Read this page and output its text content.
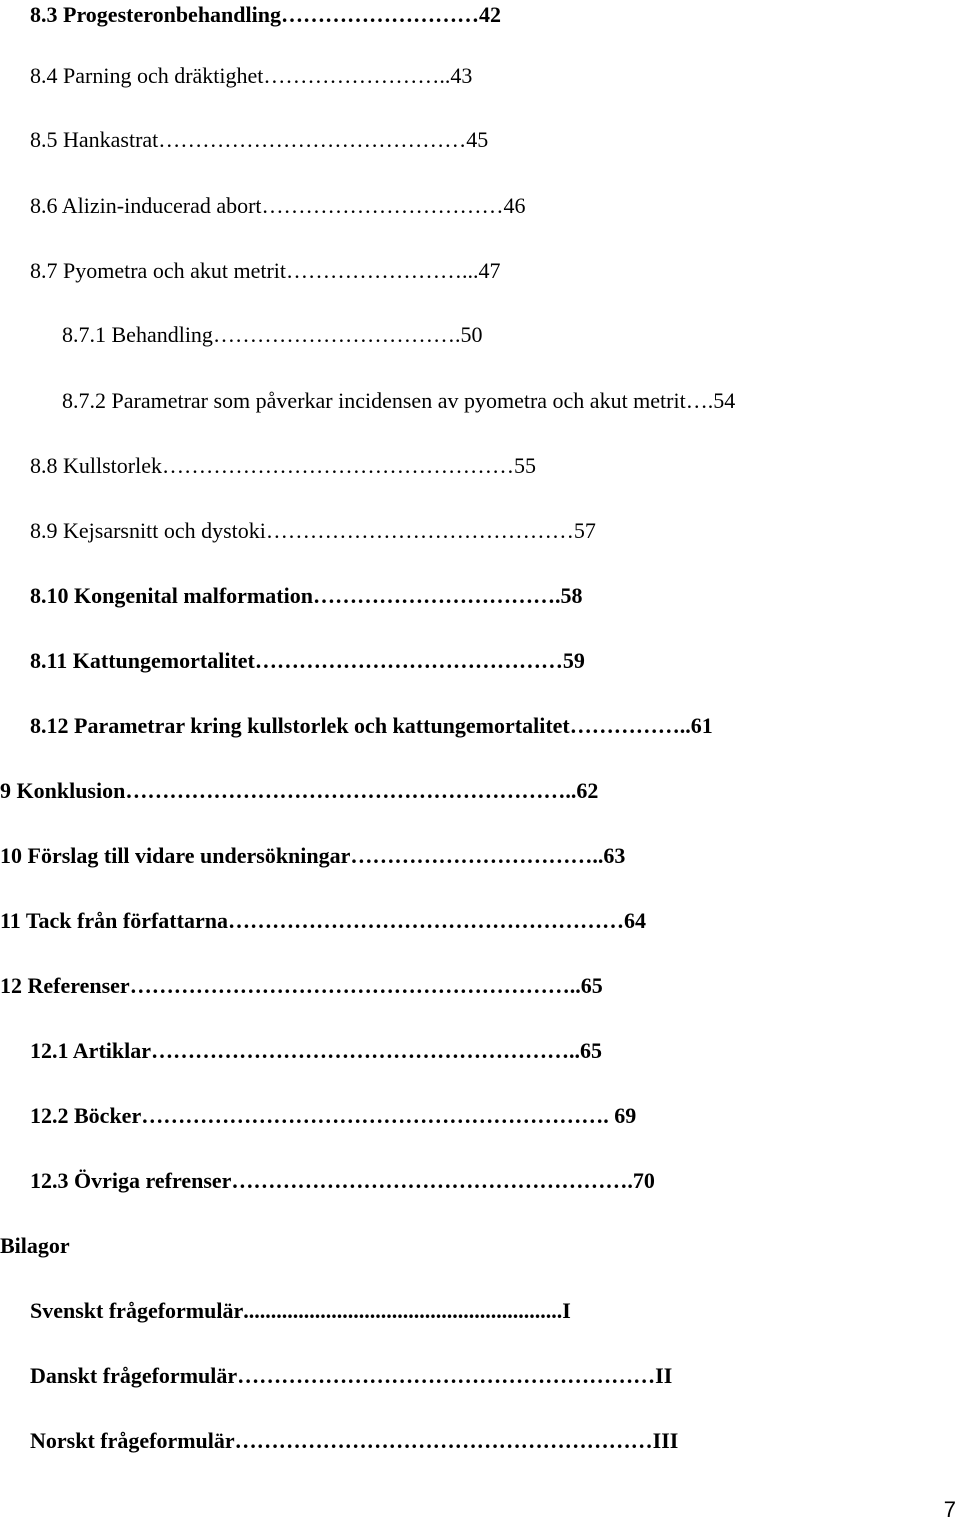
8.3 Progesteronbehandling………………………42
8.4 Parning och dräktighet……………………..43
8.5 Hankastrat……………………………………45
8.6 Alizin-inducerad abort……………………………46
8.7 Pyometra och akut metrit……………………...47
8.7.1 Behandling…………………………….50
8.7.2 Parametrar som påverkar incidensen av pyometra och akut metrit….54
8.8 Kullstorlek…………………………………………55
8.9 Kejsarsnitt och dystoki……………………………………57
8.10 Kongenital malformation…………………………….58
8.11 Kattungemortalitet……………………………………59
8.12 Parametrar kring kullstorlek och kattungemortalitet……………..61
9 Konklusion……………………………………………………..62
10 Förslag till vidare undersökningar……………………………..63
11 Tack från författarna………………………………………………64
12 Referenser……………………………………………………..65
12.1 Artiklar…………………………………………………..65
12.2 Böcker………………………………………………………. 69
12.3 Övriga refrenser……………………………………………….70
Bilagor
Svenskt frågeformulär..........................................................I
Danskt frågeformulär…………………………………………………II
Norskt frågeformulär…………………………………………………III
7
